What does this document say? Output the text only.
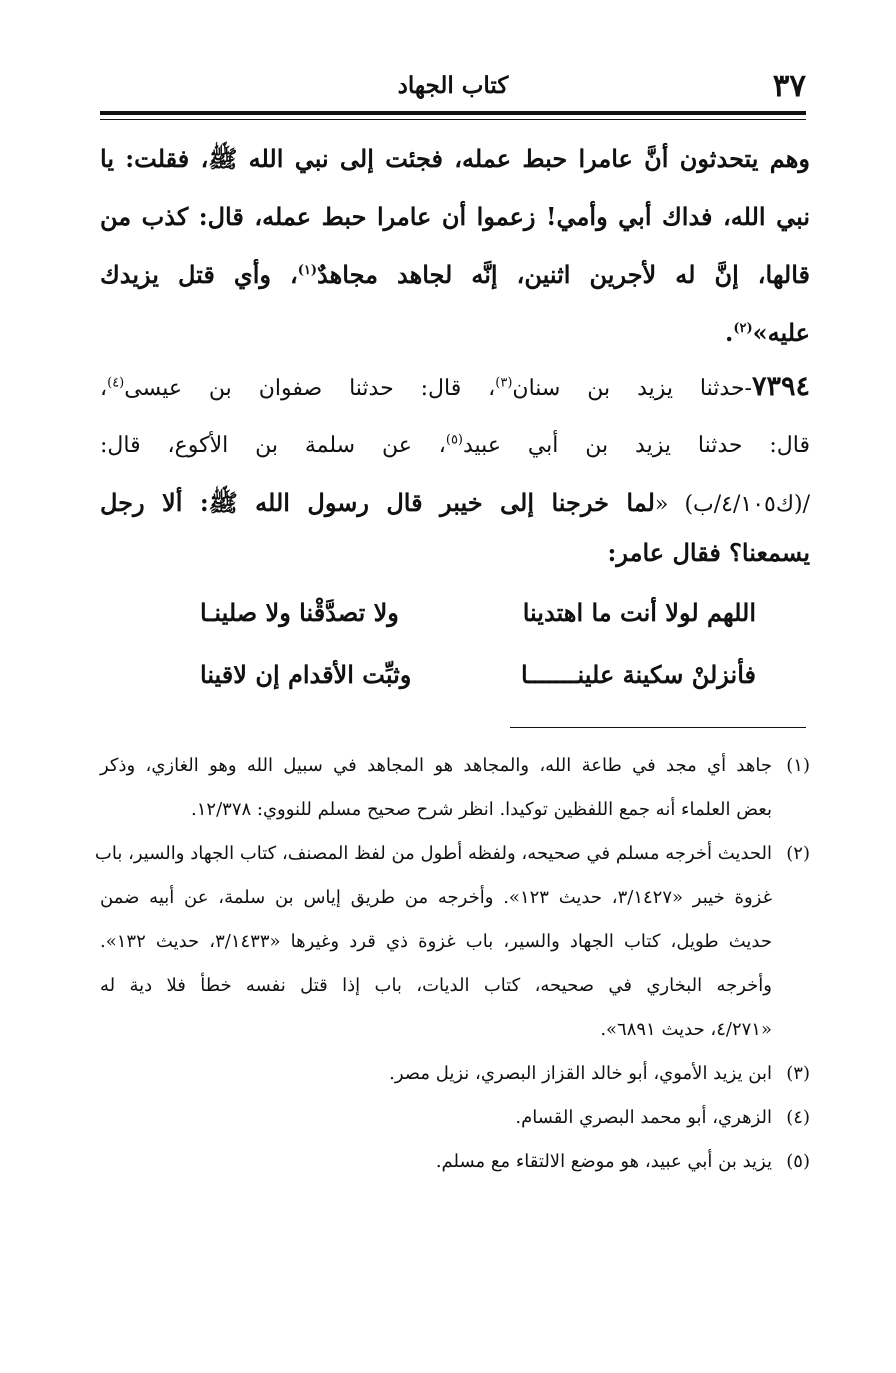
٣٧
كتاب الجهاد
وهم يتحدثون أنَّ عامرا حبط عمله، فجئت إلى نبي الله ﷺ، فقلت: يا
نبي الله، فداك أبي وأمي! زعموا أن عامرا حبط عمله، قال: كذب من
قالها، إنَّ له لأجرين اثنين، إنَّه لجاهد مجاهدٌ$^{(١)}$، وأي قتل يزيدك
عليه»$^{(٢)}$.
٧٣٩٤-حدثنا يزيد بن سنان$^{(٣)}$، قال: حدثنا صفوان بن عيسى$^{(٤)}$،
قال: حدثنا يزيد بن أبي عبيد$^{(٥)}$، عن سلمة بن الأكوع، قال:
/(ك٤/١٠٥/ب) «لما خرجنا إلى خيبر قال رسول الله ﷺ: ألا رجل
يسمعنا؟ فقال عامر:
اللهم لولا أنت ما اهتدينا
ولا تصدَّقْنا ولا صلينـا
فأنزلنْ سكينة علينـــــــا
وثبِّت الأقدام إن لاقينا
(١)جاهد أي مجد في طاعة الله، والمجاهد هو المجاهد في سبيل الله وهو الغازي، وذكر
بعض العلماء أنه جمع اللفظين توكيدا. انظر شرح صحيح مسلم للنووي: ١٢/٣٧٨.
(٢)الحديث أخرجه مسلم في صحيحه، ولفظه أطول من لفظ المصنف، كتاب الجهاد والسير، باب
غزوة خيبر «٣/١٤٢٧، حديث ١٢٣». وأخرجه من طريق إياس بن سلمة، عن أبيه ضمن
حديث طويل، كتاب الجهاد والسير، باب غزوة ذي قرد وغيرها «٣/١٤٣٣، حديث ١٣٢».
وأخرجه البخاري في صحيحه، كتاب الديات، باب إذا قتل نفسه خطأ فلا دية له
«٤/٢٧١، حديث ٦٨٩١».
(٣)ابن يزيد الأموي، أبو خالد القزاز البصري، نزيل مصر.
(٤)الزهري، أبو محمد البصري القسام.
(٥)يزيد بن أبي عبيد، هو موضع الالتقاء مع مسلم.
